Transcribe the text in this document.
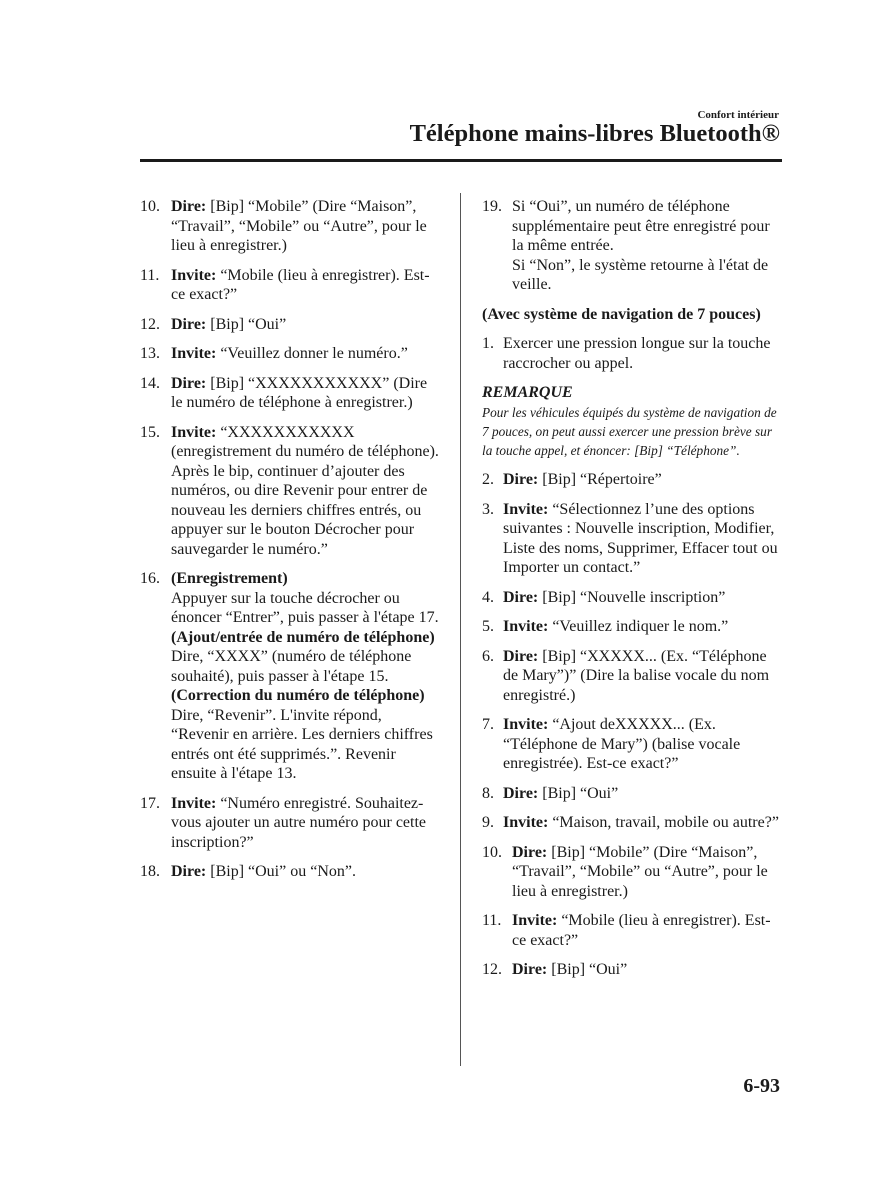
Confort intérieur
Téléphone mains-libres Bluetooth®
10. Dire: [Bip] “Mobile” (Dire “Maison”, “Travail”, “Mobile” ou “Autre”, pour le lieu à enregistrer.)
11. Invite: “Mobile (lieu à enregistrer). Est-ce exact?”
12. Dire: [Bip] “Oui”
13. Invite: “Veuillez donner le numéro.”
14. Dire: [Bip] “XXXXXXXXXXX” (Dire le numéro de téléphone à enregistrer.)
15. Invite: “XXXXXXXXXXX (enregistrement du numéro de téléphone). Après le bip, continuer d’ajouter des numéros, ou dire Revenir pour entrer de nouveau les derniers chiffres entrés, ou appuyer sur le bouton Décrocher pour sauvegarder le numéro.”
16. (Enregistrement)
Appuyer sur la touche décrocher ou énoncer “Entrer”, puis passer à l'étape 17.
(Ajout/entrée de numéro de téléphone)
Dire, “XXXX” (numéro de téléphone souhaité), puis passer à l'étape 15.
(Correction du numéro de téléphone)
Dire, “Revenir”. L'invite répond, “Revenir en arrière. Les derniers chiffres entrés ont été supprimés.”. Revenir ensuite à l'étape 13.
17. Invite: “Numéro enregistré. Souhaitez-vous ajouter un autre numéro pour cette inscription?”
18. Dire: [Bip] “Oui” ou “Non”.
19. Si “Oui”, un numéro de téléphone supplémentaire peut être enregistré pour la même entrée.
Si “Non”, le système retourne à l'état de veille.
(Avec système de navigation de 7 pouces)
1. Exercer une pression longue sur la touche raccrocher ou appel.
REMARQUE
Pour les véhicules équipés du système de navigation de 7 pouces, on peut aussi exercer une pression brève sur la touche appel, et énoncer: [Bip] “Téléphone”.
2. Dire: [Bip] “Répertoire”
3. Invite: “Sélectionnez l’une des options suivantes : Nouvelle inscription, Modifier, Liste des noms, Supprimer, Effacer tout ou Importer un contact.”
4. Dire: [Bip] “Nouvelle inscription”
5. Invite: “Veuillez indiquer le nom.”
6. Dire: [Bip] “XXXXX... (Ex. “Téléphone de Mary”)” (Dire la balise vocale du nom enregistré.)
7. Invite: “Ajout deXXXXX... (Ex. “Téléphone de Mary”) (balise vocale enregistrée). Est-ce exact?”
8. Dire: [Bip] “Oui”
9. Invite: “Maison, travail, mobile ou autre?”
10. Dire: [Bip] “Mobile” (Dire “Maison”, “Travail”, “Mobile” ou “Autre”, pour le lieu à enregistrer.)
11. Invite: “Mobile (lieu à enregistrer). Est-ce exact?”
12. Dire: [Bip] “Oui”
6-93
